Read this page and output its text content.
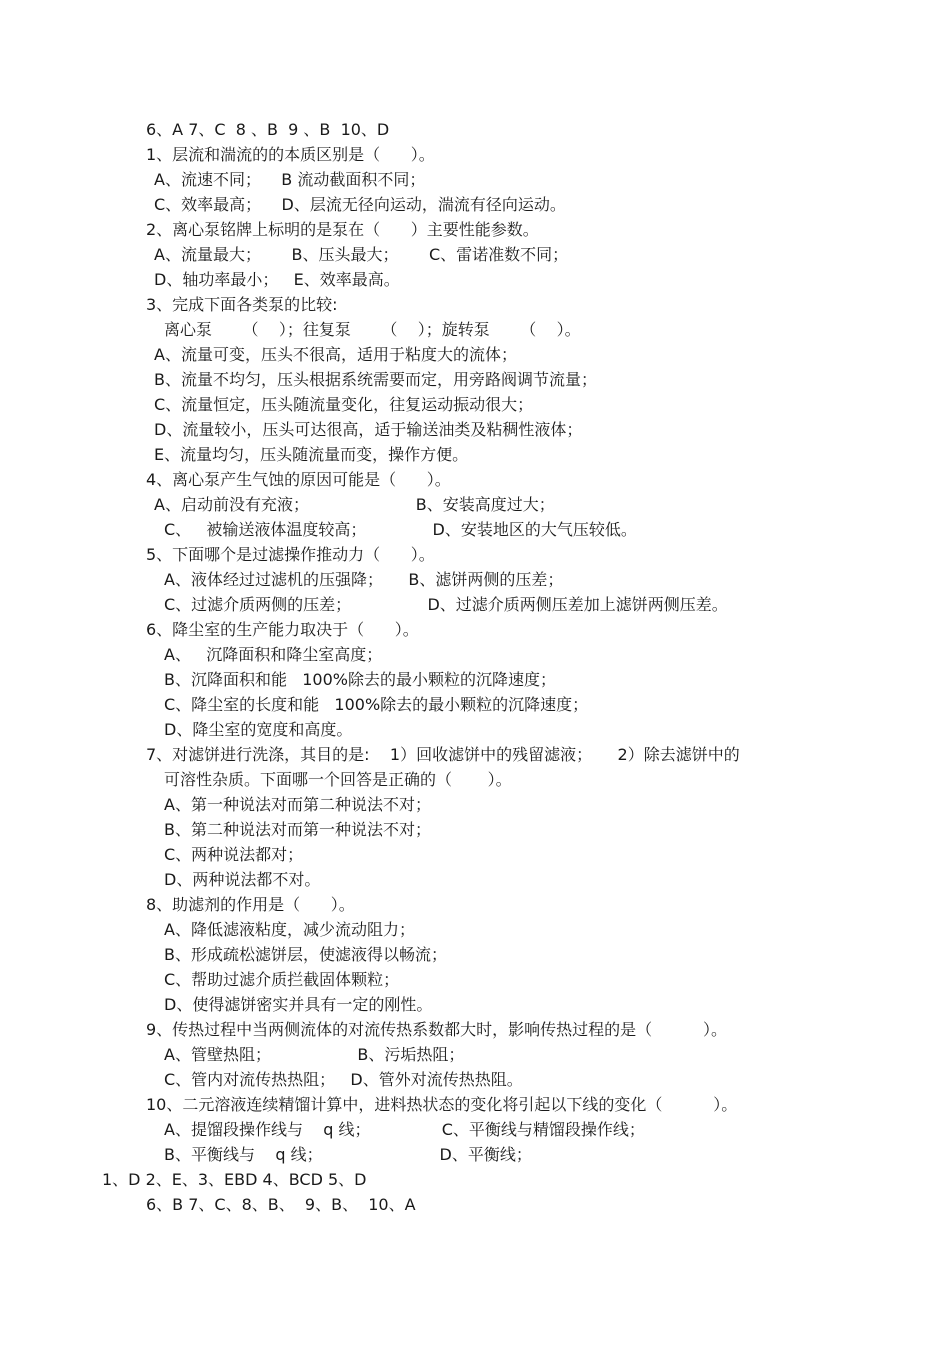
6、A 7、C  8 、B  9 、B  10、D
1、层流和湍流的的本质区别是（      ）。
A、流速不同；    B 流动截面积不同；
C、效率最高；    D、层流无径向运动，湍流有径向运动。
2、离心泵铭牌上标明的是泵在（      ）主要性能参数。
A、流量最大；      B、压头最大；      C、雷诺准数不同；
D、轴功率最小；   E、效率最高。
3、完成下面各类泵的比较:
离心泵      （    ）；往复泵      （    ）；旋转泵      （    ）。
A、流量可变，压头不很高，适用于粘度大的流体；
B、流量不均匀，压头根据系统需要而定，用旁路阀调节流量；
C、流量恒定，压头随流量变化，往复运动振动很大；
D、流量较小，压头可达很高，适于输送油类及粘稠性液体；
E、流量均匀，压头随流量而变，操作方便。
4、离心泵产生气蚀的原因可能是（      ）。
A、启动前没有充液；                     B、安装高度过大；
C、   被输送液体温度较高；             D、安装地区的大气压较低。
5、下面哪个是过滤操作推动力（      ）。
A、液体经过过滤机的压强降；     B、滤饼两侧的压差；
C、过滤介质两侧的压差；               D、过滤介质两侧压差加上滤饼两侧压差。
6、降尘室的生产能力取决于（      ）。
A、   沉降面积和降尘室高度；
B、沉降面积和能   100%除去的最小颗粒的沉降速度；
C、降尘室的长度和能   100%除去的最小颗粒的沉降速度；
D、降尘室的宽度和高度。
7、对滤饼进行洗涤，其目的是:    1）回收滤饼中的残留滤液；     2）除去滤饼中的
可溶性杂质。下面哪一个回答是正确的（       ）。
A、第一种说法对而第二种说法不对；
B、第二种说法对而第一种说法不对；
C、两种说法都对；
D、两种说法都不对。
8、助滤剂的作用是（      ）。
A、降低滤液粘度，减少流动阻力；
B、形成疏松滤饼层，使滤液得以畅流；
C、帮助过滤介质拦截固体颗粒；
D、使得滤饼密实并具有一定的刚性。
9、传热过程中当两侧流体的对流传热系数都大时，影响传热过程的是（          ）。
A、管壁热阻；                 B、污垢热阻；
C、管内对流传热热阻；   D、管外对流传热热阻。
10、二元溶液连续精馏计算中，进料热状态的变化将引起以下线的变化（          ）。
A、提馏段操作线与    q 线；              C、平衡线与精馏段操作线；
B、平衡线与    q 线；                       D、平衡线；
1、D 2、E、3、EBD 4、BCD 5、D
6、B 7、C、8、B、  9、B、  10、A
